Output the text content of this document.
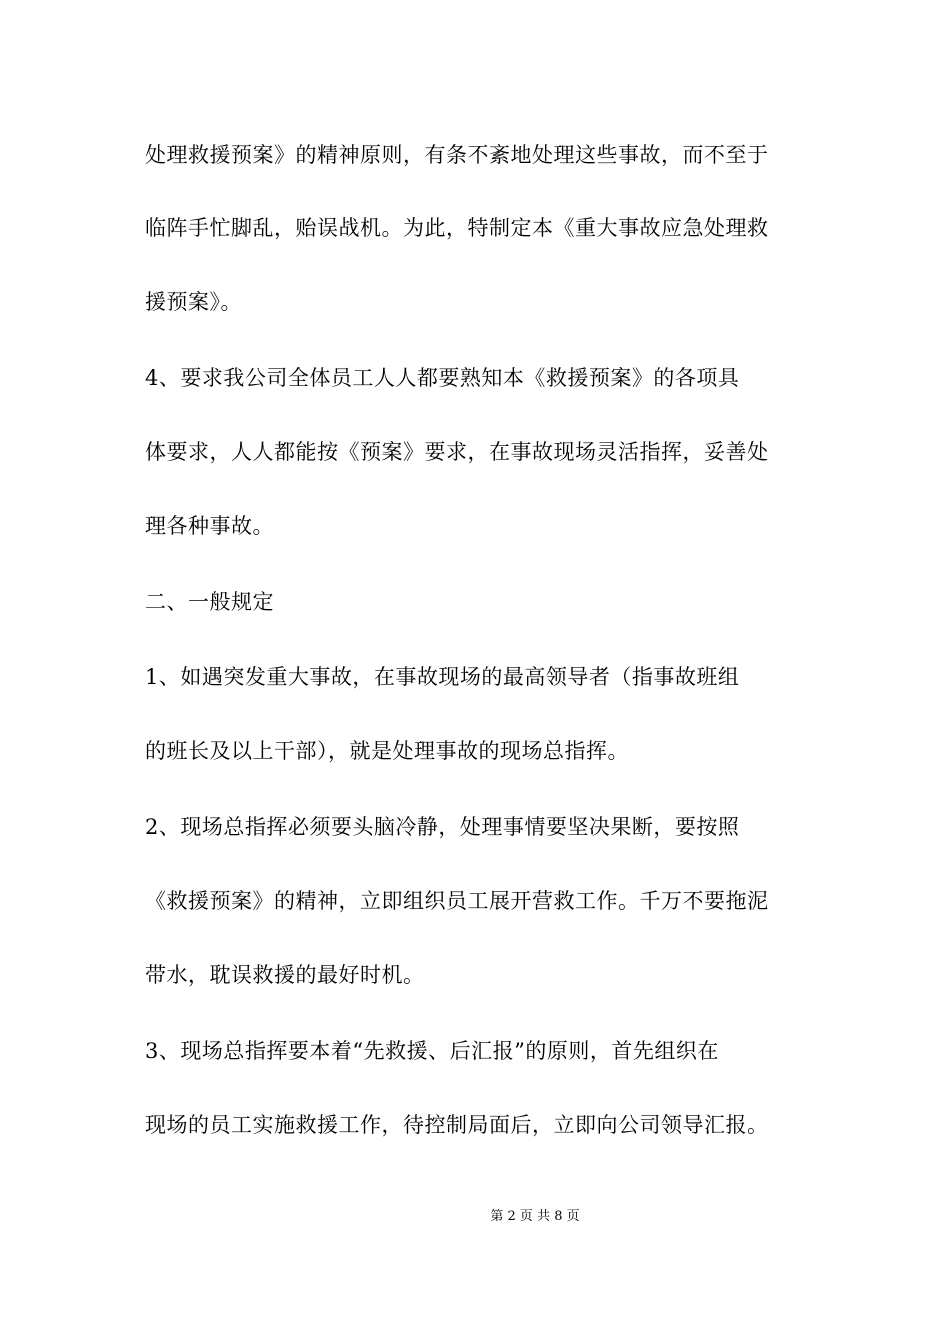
处理救援预案》的精神原则，有条不紊地处理这些事故，而不至于
临阵手忙脚乱，贻误战机。为此，特制定本《重大事故应急处理救
援预案》。
4、要求我公司全体员工人人都要熟知本《救援预案》的各项具
体要求，人人都能按《预案》要求，在事故现场灵活指挥，妥善处
理各种事故。
二、一般规定
1、如遇突发重大事故，在事故现场的最高领导者（指事故班组
的班长及以上干部），就是处理事故的现场总指挥。
2、现场总指挥必须要头脑冷静，处理事情要坚决果断，要按照
《救援预案》的精神，立即组织员工展开营救工作。千万不要拖泥
带水，耽误救援的最好时机。
3、现场总指挥要本着“先救援、后汇报”的原则，首先组织在
现场的员工实施救援工作，待控制局面后，立即向公司领导汇报。
第 2 页 共 8 页
